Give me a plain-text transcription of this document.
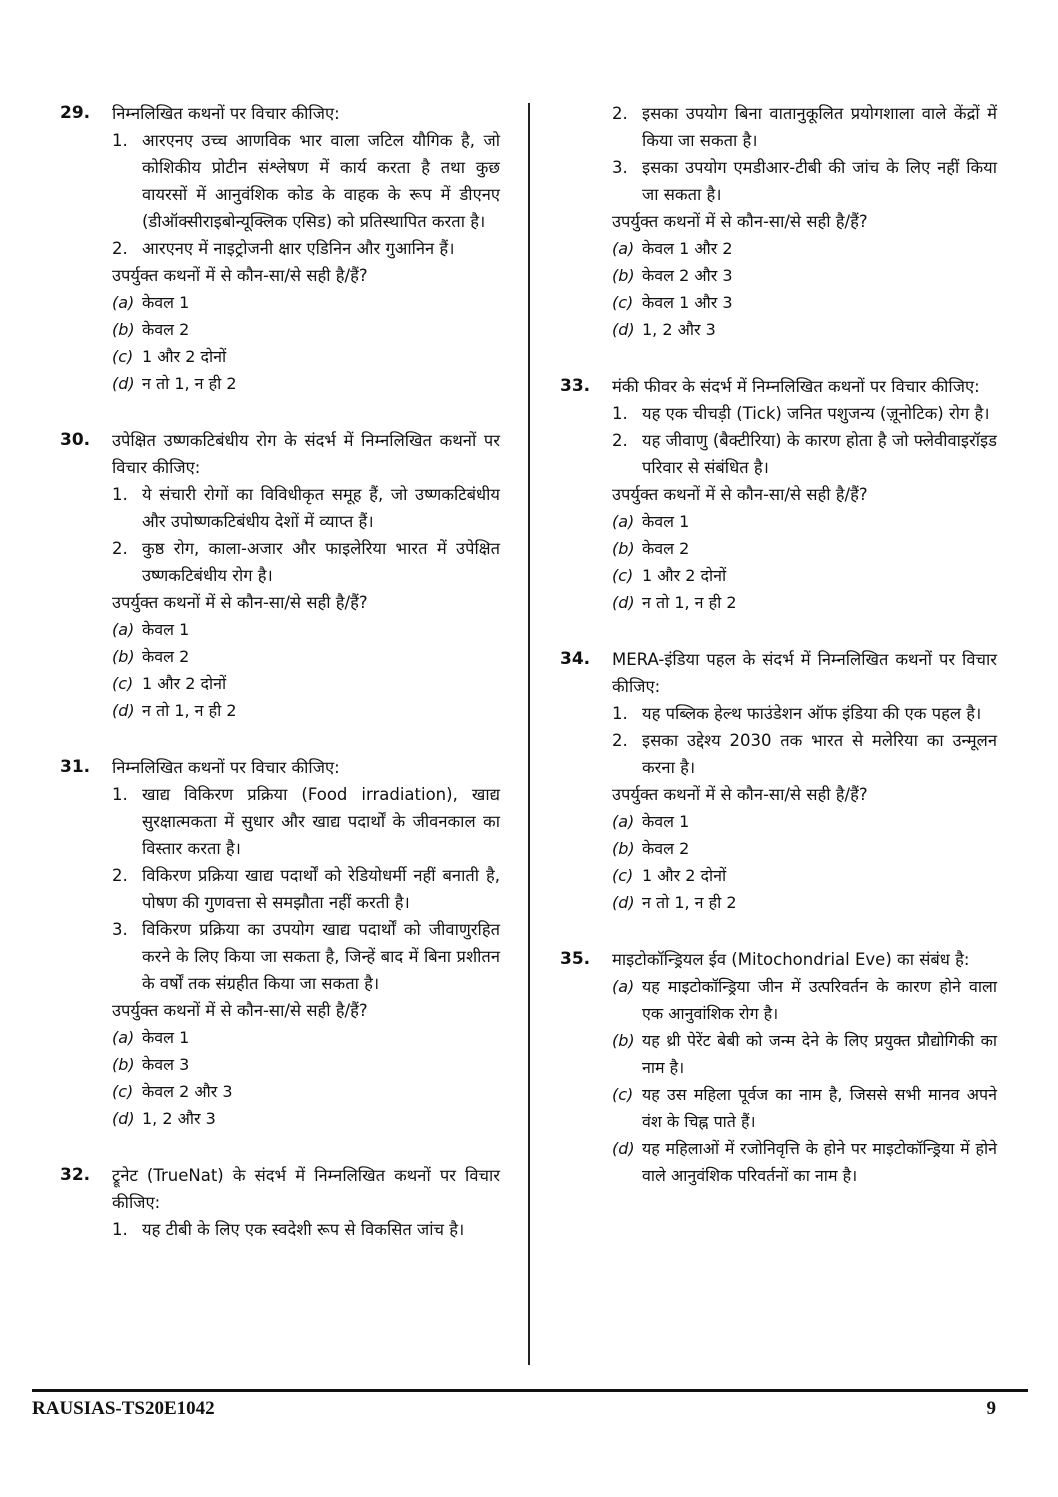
29.	निम्नलिखित कथनों पर विचार कीजिए:
1. आरएनए उच्च आणविक भार वाला जटिल यौगिक है, जो कोशिकीय प्रोटीन संश्लेषण में कार्य करता है तथा कुछ वायरसों में आनुवंशिक कोड के वाहक के रूप में डीएनए (डीऑक्सीराइबोन्यूक्लिक एसिड) को प्रतिस्थापित करता है।
2. आरएनए में नाइट्रोजनी क्षार एडिनिन और गुआनिन हैं।
उपर्युक्त कथनों में से कौन-सा/से सही है/हैं?
(a) केवल 1
(b) केवल 2
(c) 1 और 2 दोनों
(d) न तो 1, न ही 2
30.	उपेक्षित उष्णकटिबंधीय रोग के संदर्भ में निम्नलिखित कथनों पर विचार कीजिए:
1. ये संचारी रोगों का विविधीकृत समूह हैं, जो उष्णकटिबंधीय और उपोष्णकटिबंधीय देशों में व्याप्त हैं।
2. कुष्ठ रोग, काला-अजार और फाइलेरिया भारत में उपेक्षित उष्णकटिबंधीय रोग है।
उपर्युक्त कथनों में से कौन-सा/से सही है/हैं?
(a) केवल 1
(b) केवल 2
(c) 1 और 2 दोनों
(d) न तो 1, न ही 2
31.	निम्नलिखित कथनों पर विचार कीजिए:
1. खाद्य विकिरण प्रक्रिया (Food irradiation), खाद्य सुरक्षात्मकता में सुधार और खाद्य पदार्थों के जीवनकाल का विस्तार करता है।
2. विकिरण प्रक्रिया खाद्य पदार्थों को रेडियोधर्मी नहीं बनाती है, पोषण की गुणवत्ता से समझौता नहीं करती है।
3. विकिरण प्रक्रिया का उपयोग खाद्य पदार्थों को जीवाणुरहित करने के लिए किया जा सकता है, जिन्हें बाद में बिना प्रशीतन के वर्षों तक संग्रहीत किया जा सकता है।
उपर्युक्त कथनों में से कौन-सा/से सही है/हैं?
(a) केवल 1
(b) केवल 3
(c) केवल 2 और 3
(d) 1, 2 और 3
32.	ट्रूनेट (TrueNat) के संदर्भ में निम्नलिखित कथनों पर विचार कीजिए:
1. यह टीबी के लिए एक स्वदेशी रूप से विकसित जांच है।
2. इसका उपयोग बिना वातानुकूलित प्रयोगशाला वाले केंद्रों में किया जा सकता है।
3. इसका उपयोग एमडीआर-टीबी की जांच के लिए नहीं किया जा सकता है।
उपर्युक्त कथनों में से कौन-सा/से सही है/हैं?
(a) केवल 1 और 2
(b) केवल 2 और 3
(c) केवल 1 और 3
(d) 1, 2 और 3
33.	मंकी फीवर के संदर्भ में निम्नलिखित कथनों पर विचार कीजिए:
1. यह एक चीचड़ी (Tick) जनित पशुजन्य (ज़ूनोटिक) रोग है।
2. यह जीवाणु (बैक्टीरिया) के कारण होता है जो फ्लेवीवाइरॉइड परिवार से संबंधित है।
उपर्युक्त कथनों में से कौन-सा/से सही है/हैं?
(a) केवल 1
(b) केवल 2
(c) 1 और 2 दोनों
(d) न तो 1, न ही 2
34.	MERA-इंडिया पहल के संदर्भ में निम्नलिखित कथनों पर विचार कीजिए:
1. यह पब्लिक हेल्थ फाउंडेशन ऑफ इंडिया की एक पहल है।
2. इसका उद्देश्य 2030 तक भारत से मलेरिया का उन्मूलन करना है।
उपर्युक्त कथनों में से कौन-सा/से सही है/हैं?
(a) केवल 1
(b) केवल 2
(c) 1 और 2 दोनों
(d) न तो 1, न ही 2
35.	माइटोकॉन्ड्रियल ईव (Mitochondrial Eve) का संबंध है:
(a) यह माइटोकॉन्ड्रिया जीन में उत्परिवर्तन के कारण होने वाला एक आनुवांशिक रोग है।
(b) यह थ्री पेरेंट बेबी को जन्म देने के लिए प्रयुक्त प्रौद्योगिकी का नाम है।
(c) यह उस महिला पूर्वज का नाम है, जिससे सभी मानव अपने वंश के चिह्न पाते हैं।
(d) यह महिलाओं में रजोनिवृत्ति के होने पर माइटोकॉन्ड्रिया में होने वाले आनुवंशिक परिवर्तनों का नाम है।
RAUSIAS-TS20E1042	9
